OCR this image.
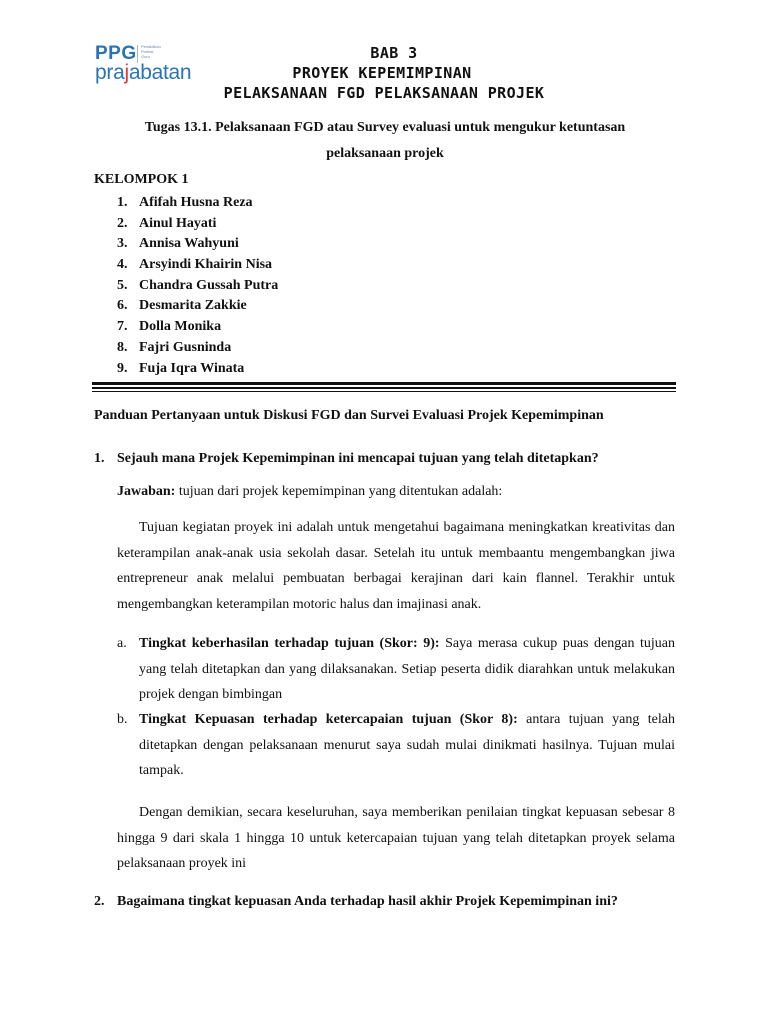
PPG Pendidikan
Profesi
Guru
prajabatan
BAB 3
PROYEK KEPEMIMPINAN
PELAKSANAAN FGD PELAKSANAAN PROJEK
Tugas 13.1. Pelaksanaan FGD atau Survey evaluasi untuk mengukur ketuntasan
pelaksanaan projek
KELOMPOK 1
1. Afifah Husna Reza
2. Ainul Hayati
3. Annisa Wahyuni
4. Arsyindi Khairin Nisa
5. Chandra Gussah Putra
6. Desmarita Zakkie
7. Dolla Monika
8. Fajri Gusninda
9. Fuja Iqra Winata
Panduan Pertanyaan untuk Diskusi FGD dan Survei Evaluasi Projek Kepemimpinan
1. Sejauh mana Projek Kepemimpinan ini mencapai tujuan yang telah ditetapkan?
Jawaban: tujuan dari projek kepemimpinan yang ditentukan adalah:
Tujuan kegiatan proyek ini adalah untuk mengetahui bagaimana meningkatkan kreativitas dan keterampilan anak-anak usia sekolah dasar. Setelah itu untuk membaantu mengembangkan jiwa entrepreneur anak melalui pembuatan berbagai kerajinan dari kain flannel. Terakhir untuk mengembangkan keterampilan motoric halus dan imajinasi anak.
a. Tingkat keberhasilan terhadap tujuan (Skor: 9): Saya merasa cukup puas dengan tujuan yang telah ditetapkan dan yang dilaksanakan. Setiap peserta didik diarahkan untuk melakukan projek dengan bimbingan
b. Tingkat Kepuasan terhadap ketercapaian tujuan (Skor 8): antara tujuan yang telah ditetapkan dengan pelaksanaan menurut saya sudah mulai dinikmati hasilnya. Tujuan mulai tampak.
Dengan demikian, secara keseluruhan, saya memberikan penilaian tingkat kepuasan sebesar 8 hingga 9 dari skala 1 hingga 10 untuk ketercapaian tujuan yang telah ditetapkan proyek selama pelaksanaan proyek ini
2. Bagaimana tingkat kepuasan Anda terhadap hasil akhir Projek Kepemimpinan ini?
